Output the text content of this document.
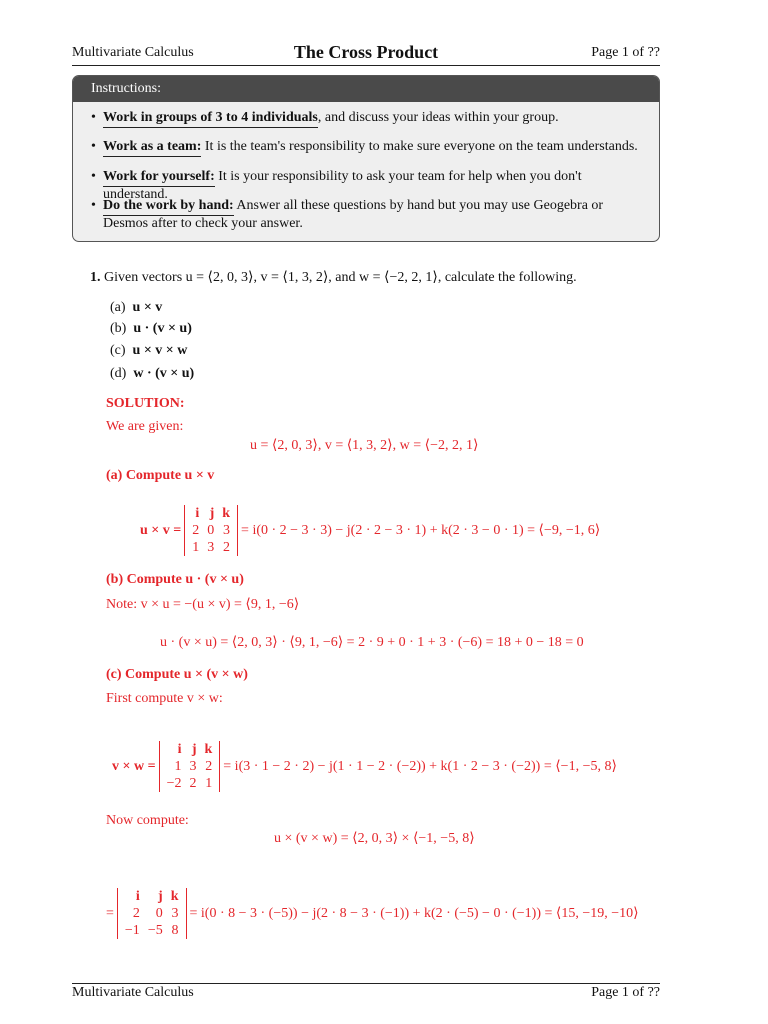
Multivariate Calculus	The Cross Product	Page 1 of ??
Instructions:
• Work in groups of 3 to 4 individuals, and discuss your ideas within your group.
• Work as a team: It is the team's responsibility to make sure everyone on the team understands.
• Work for yourself: It is your responsibility to ask your team for help when you don't understand.
• Do the work by hand: Answer all these questions by hand but you may use Geogebra or Desmos after to check your answer.
1. Given vectors u = ⟨2, 0, 3⟩, v = ⟨1, 3, 2⟩, and w = ⟨−2, 2, 1⟩, calculate the following.
(a) u × v
(b) u · (v × u)
(c) u × v × w
(d) w · (v × u)
SOLUTION:
We are given:
u = ⟨2, 0, 3⟩, v = ⟨1, 3, 2⟩, w = ⟨−2, 2, 1⟩
(a) Compute u × v
u × v =
i j k
2 0 3
1 3 2
= i(0 · 2 − 3 · 3) − j(2 · 2 − 3 · 1) + k(2 · 3 − 0 · 1) = ⟨−9, −1, 6⟩
(b) Compute u · (v × u)
Note: v × u = −(u × v) = ⟨9, 1, −6⟩
u · (v × u) = ⟨2, 0, 3⟩ · ⟨9, 1, −6⟩ = 2 · 9 + 0 · 1 + 3 · (−6) = 18 + 0 − 18 = 0
(c) Compute u × (v × w)
First compute v × w:
v × w =
i j k
1 3 2
−2 2 1
= i(3 · 1 − 2 · 2) − j(1 · 1 − 2 · (−2)) + k(1 · 2 − 3 · (−2)) = ⟨−1, −5, 8⟩
Now compute:
u × (v × w) = ⟨2, 0, 3⟩ × ⟨−1, −5, 8⟩
=
i	j k
2	0 3
−1 −5 8
= i(0 · 8 − 3 · (−5)) − j(2 · 8 − 3 · (−1)) + k(2 · (−5) − 0 · (−1)) = ⟨15, −19, −10⟩
Multivariate Calculus	Page 1 of ??
